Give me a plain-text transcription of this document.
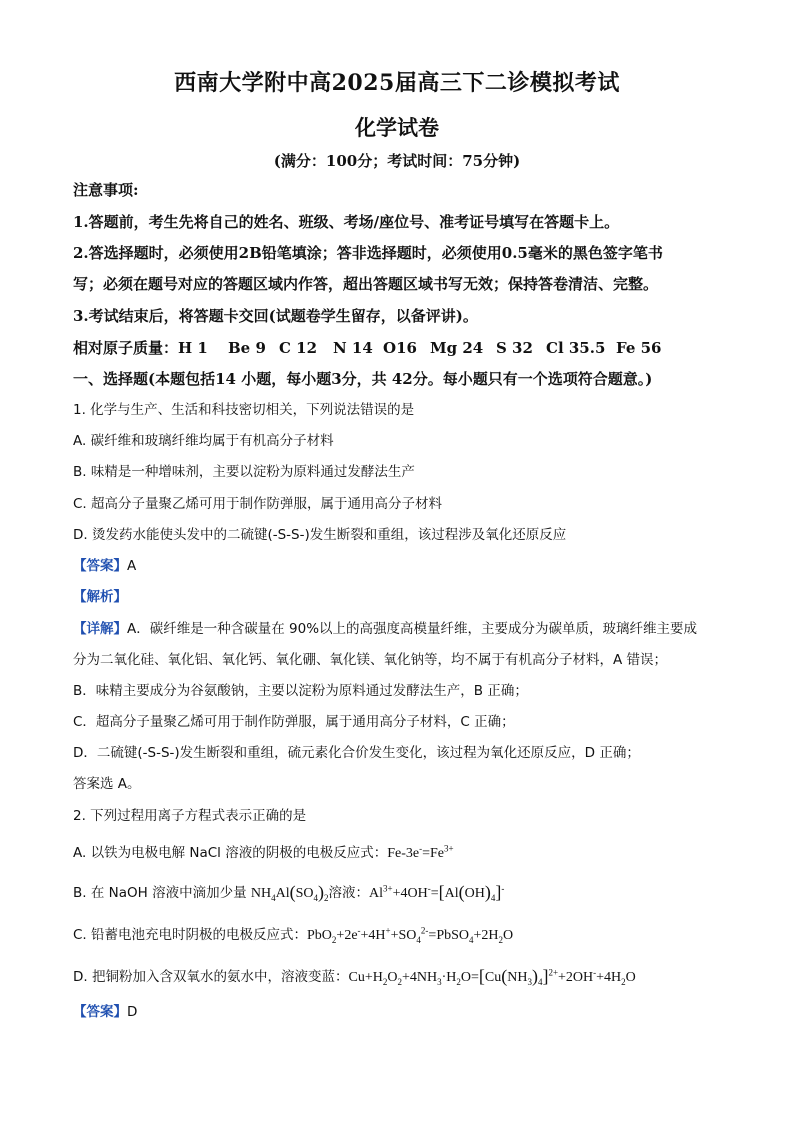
西南大学附中高2025届高三下二诊模拟考试
化学试卷
(满分：100分；考试时间：75分钟)
注意事项:
1.答题前，考生先将自己的姓名、班级、考场/座位号、准考证号填写在答题卡上。
2.答选择题时，必须使用2B铅笔填涂；答非选择题时，必须使用0.5毫米的黑色签字笔书
写；必须在题号对应的答题区域内作答，超出答题区域书写无效；保持答卷清洁、完整。
3.考试结束后，将答题卡交回(试题卷学生留存，以备评讲)。
相对原子质量：H 1 Be 9 C 12 N 14 O16 Mg 24 S 32 Cl 35.5 Fe 56
一、选择题(本题包括14 小题，每小题3分，共 42分。每小题只有一个选项符合题意。)
1. 化学与生产、生活和科技密切相关，下列说法错误的是
A. 碳纤维和玻璃纤维均属于有机高分子材料
B. 味精是一种增味剂，主要以淀粉为原料通过发酵法生产
C. 超高分子量聚乙烯可用于制作防弹服，属于通用高分子材料
D. 烫发药水能使头发中的二硫键(-S-S-)发生断裂和重组，该过程涉及氧化还原反应
【答案】A
【解析】
【详解】A．碳纤维是一种含碳量在 90%以上的高强度高模量纤维，主要成分为碳单质，玻璃纤维主要成
分为二氧化硅、氧化铝、氧化钙、氧化硼、氧化镁、氧化钠等，均不属于有机高分子材料，A 错误；
B．味精主要成分为谷氨酸钠，主要以淀粉为原料通过发酵法生产，B 正确；
C．超高分子量聚乙烯可用于制作防弹服，属于通用高分子材料，C 正确；
D．二硫键(-S-S-)发生断裂和重组，硫元素化合价发生变化，该过程为氧化还原反应，D 正确；
答案选 A。
2. 下列过程用离子方程式表示正确的是
A. 以铁为电极电解 NaCl 溶液的阴极的电极反应式：$Fe-3e^-=Fe^{3+}$
B. 在 NaOH 溶液中滴加少量 $NH_4Al(SO_4)_2$溶液：$Al^{3+}+4OH^-=[Al(OH)_4]^-$
C. 铅蓄电池充电时阴极的电极反应式：$PbO_2+2e^-+4H^++SO_4^{2-}=PbSO_4+2H_2O$
D. 把铜粉加入含双氧水的氨水中，溶液变蓝：$Cu+H_2O_2+4NH_3\cdot H_2O=[Cu(NH_3)_4]^{2+}+2OH^-+4H_2O$
【答案】D
